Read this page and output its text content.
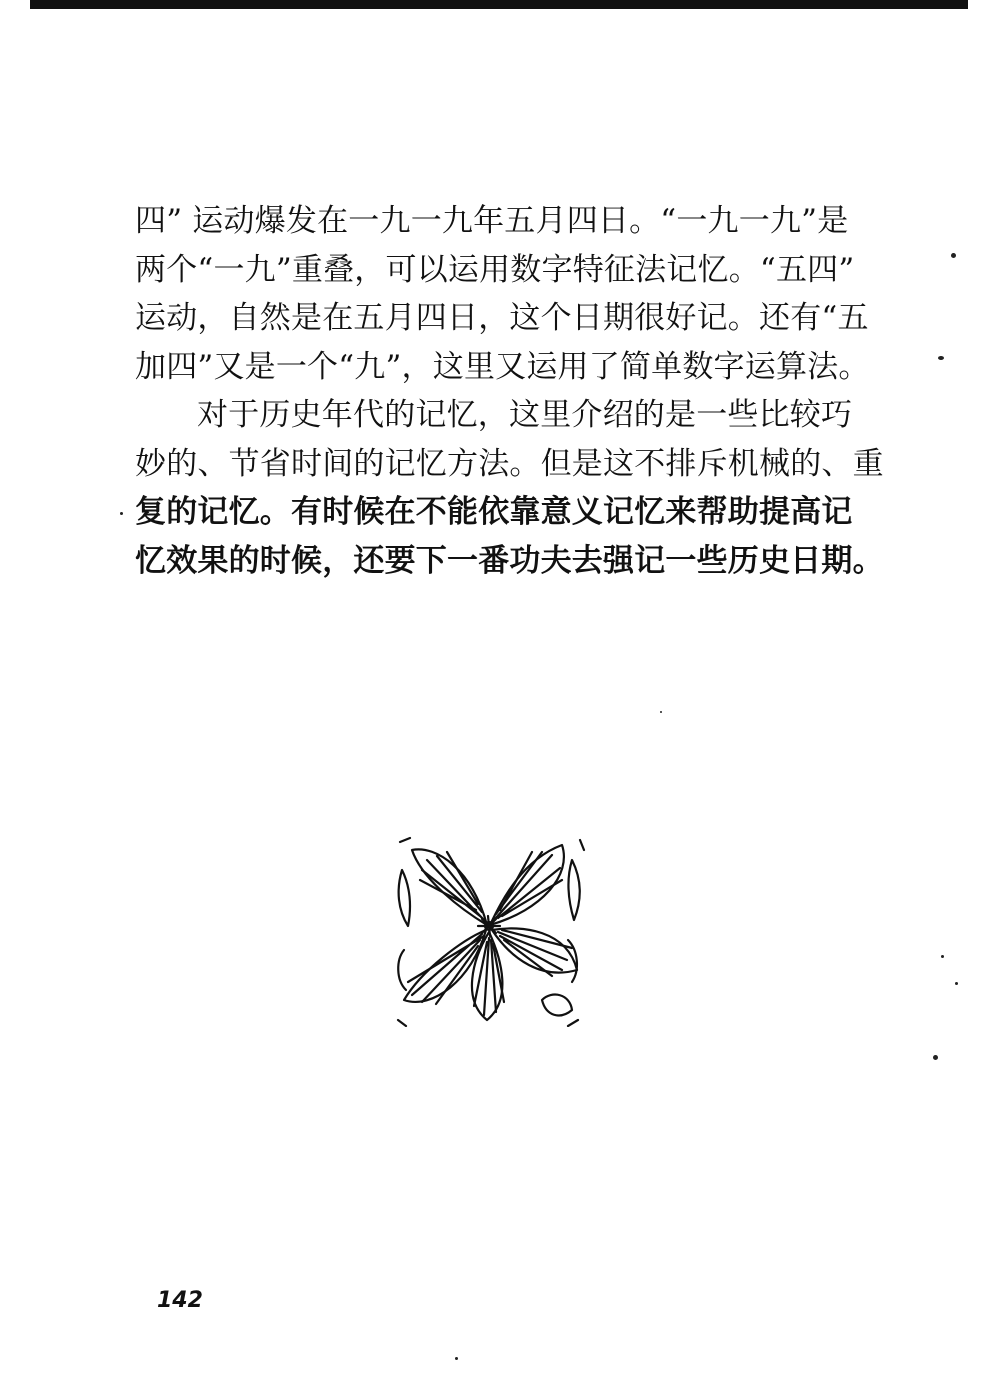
四” 运动爆发在一九一九年五月四日。“一九一九”是
两个“一九”重叠，可以运用数字特征法记忆。“五四”
运动，自然是在五月四日，这个日期很好记。还有“五
加四”又是一个“九”，这里又运用了简单数字运算法。
对于历史年代的记忆，这里介绍的是一些比较巧
妙的、节省时间的记忆方法。但是这不排斥机械的、重
复的记忆。有时候在不能依靠意义记忆来帮助提高记
忆效果的时候，还要下一番功夫去强记一些历史日期。
142
